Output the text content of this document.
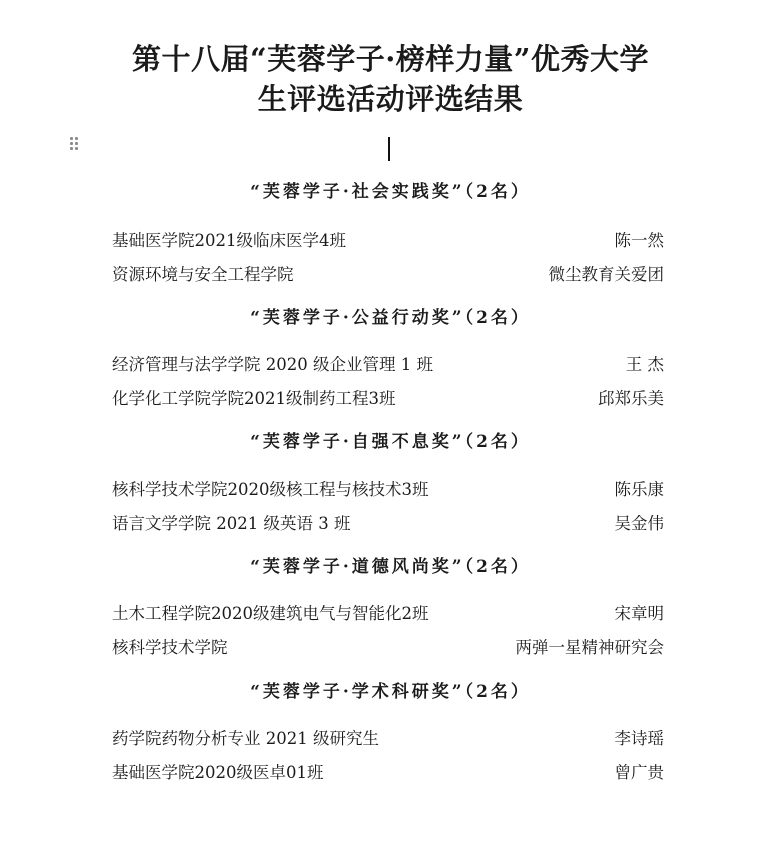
第十八届“芙蓉学子·榜样力量”优秀大学
生评选活动评选结果
“芙蓉学子·社会实践奖”（2名）
基础医学院2021级临床医学4班	陈一然
资源环境与安全工程学院	微尘教育关爱团
“芙蓉学子·公益行动奖”（2名）
经济管理与法学学院 2020 级企业管理 1 班	王 杰
化学化工学院学院2021级制药工程3班	邱郑乐美
“芙蓉学子·自强不息奖”（2名）
核科学技术学院2020级核工程与核技术3班	陈乐康
语言文学学院 2021 级英语 3 班	吴金伟
“芙蓉学子·道德风尚奖”（2名）
土木工程学院2020级建筑电气与智能化2班	宋章明
核科学技术学院	两弹一星精神研究会
“芙蓉学子·学术科研奖”（2名）
药学院药物分析专业 2021 级研究生	李诗瑶
基础医学院2020级医卓01班	曾广贵
